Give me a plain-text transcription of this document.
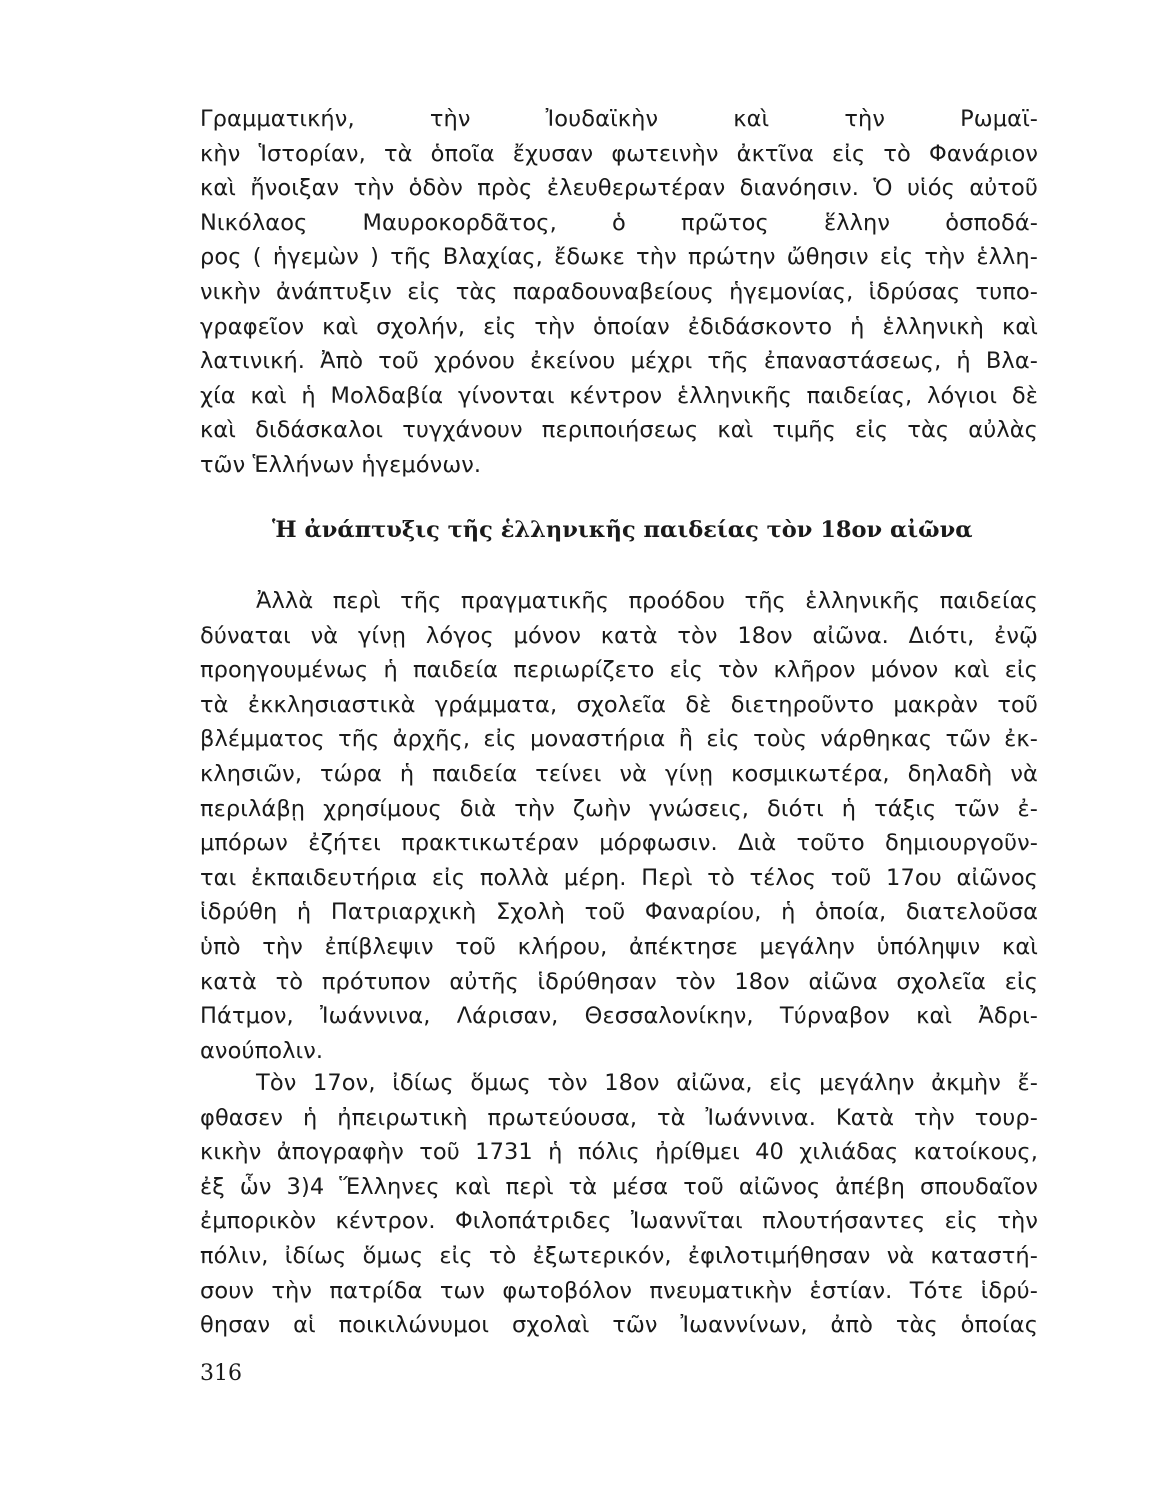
Γραμματικήν, τὴν Ἰουδαϊκὴν καὶ τὴν Ρωμαϊ-
κὴν Ἱστορίαν, τὰ ὁποῖα ἔχυσαν φωτεινὴν ἀκτῖνα εἰς τὸ Φανάριον
καὶ ἤνοιξαν τὴν ὁδὸν πρὸς ἐλευθερωτέραν διανόησιν. Ὁ υἱός αὐτοῦ
Νικόλαος Μαυροκορδᾶτος, ὁ πρῶτος ἕλλην ὁσποδά-
ρος ( ἡγεμὼν ) τῆς Βλαχίας, ἔδωκε τὴν πρώτην ὤθησιν εἰς τὴν ἑλλη-
νικὴν ἀνάπτυξιν εἰς τὰς παραδουναβείους ἡγεμονίας, ἱδρύσας τυπο-
γραφεῖον καὶ σχολήν, εἰς τὴν ὁποίαν ἐδιδάσκοντο ἡ ἑλληνικὴ καὶ
λατινική. Ἀπὸ τοῦ χρόνου ἐκείνου μέχρι τῆς ἐπαναστάσεως, ἡ Βλα-
χία καὶ ἡ Μολδαβία γίνονται κέντρον ἑλληνικῆς παιδείας, λόγιοι δὲ
καὶ διδάσκαλοι τυγχάνουν περιποιήσεως καὶ τιμῆς εἰς τὰς αὐλὰς
τῶν Ἑλλήνων ἡγεμόνων.

Ἡ ἀνάπτυξις τῆς ἑλληνικῆς παιδείας τὸν 18ον αἰῶνα

Ἀλλὰ περὶ τῆς πραγματικῆς προόδου τῆς ἑλληνικῆς παιδείας
δύναται νὰ γίνῃ λόγος μόνον κατὰ τὸν 18ον αἰῶνα. Διότι, ἐνῷ
προηγουμένως ἡ παιδεία περιωρίζετο εἰς τὸν κλῆρον μόνον καὶ εἰς
τὰ ἐκκλησιαστικὰ γράμματα, σχολεῖα δὲ διετηροῦντο μακρὰν τοῦ
βλέμματος τῆς ἀρχῆς, εἰς μοναστήρια ἢ εἰς τοὺς νάρθηκας τῶν ἐκ-
κλησιῶν, τώρα ἡ παιδεία τείνει νὰ γίνῃ κοσμικωτέρα, δηλαδὴ νὰ
περιλάβῃ χρησίμους διὰ τὴν ζωὴν γνώσεις, διότι ἡ τάξις τῶν ἐ-
μπόρων ἐζήτει πρακτικωτέραν μόρφωσιν. Διὰ τοῦτο δημιουργοῦν-
ται ἐκπαιδευτήρια εἰς πολλὰ μέρη. Περὶ τὸ τέλος τοῦ 17ου αἰῶνος
ἱδρύθη ἡ Πατριαρχικὴ Σχολὴ τοῦ Φαναρίου, ἡ ὁποία, διατελοῦσα
ὑπὸ τὴν ἐπίβλεψιν τοῦ κλήρου, ἀπέκτησε μεγάλην ὑπόληψιν καὶ
κατὰ τὸ πρότυπον αὐτῆς ἱδρύθησαν τὸν 18ον αἰῶνα σχολεῖα εἰς
Πάτμον, Ἰωάννινα, Λάρισαν, Θεσσαλονίκην, Τύρναβον καὶ Ἀδρι-
ανούπολιν.

Τὸν 17ον, ἰδίως ὅμως τὸν 18ον αἰῶνα, εἰς μεγάλην ἀκμὴν ἔ-
φθασεν ἡ ἠπειρωτικὴ πρωτεύουσα, τὰ Ἰωάννινα. Κατὰ τὴν τουρ-
κικὴν ἀπογραφὴν τοῦ 1731 ἡ πόλις ἠρίθμει 40 χιλιάδας κατοίκους,
ἐξ ὧν 3)4 Ἕλληνες καὶ περὶ τὰ μέσα τοῦ αἰῶνος ἀπέβη σπουδαῖον
ἐμπορικὸν κέντρον. Φιλοπάτριδες Ἰωαννῖται πλουτήσαντες εἰς τὴν
πόλιν, ἰδίως ὅμως εἰς τὸ ἐξωτερικόν, ἐφιλοτιμήθησαν νὰ καταστή-
σουν τὴν πατρίδα των φωτοβόλον πνευματικὴν ἑστίαν. Τότε ἱδρύ-
θησαν αἱ ποικιλώνυμοι σχολαὶ τῶν Ἰωαννίνων, ἀπὸ τὰς ὁποίας

316
